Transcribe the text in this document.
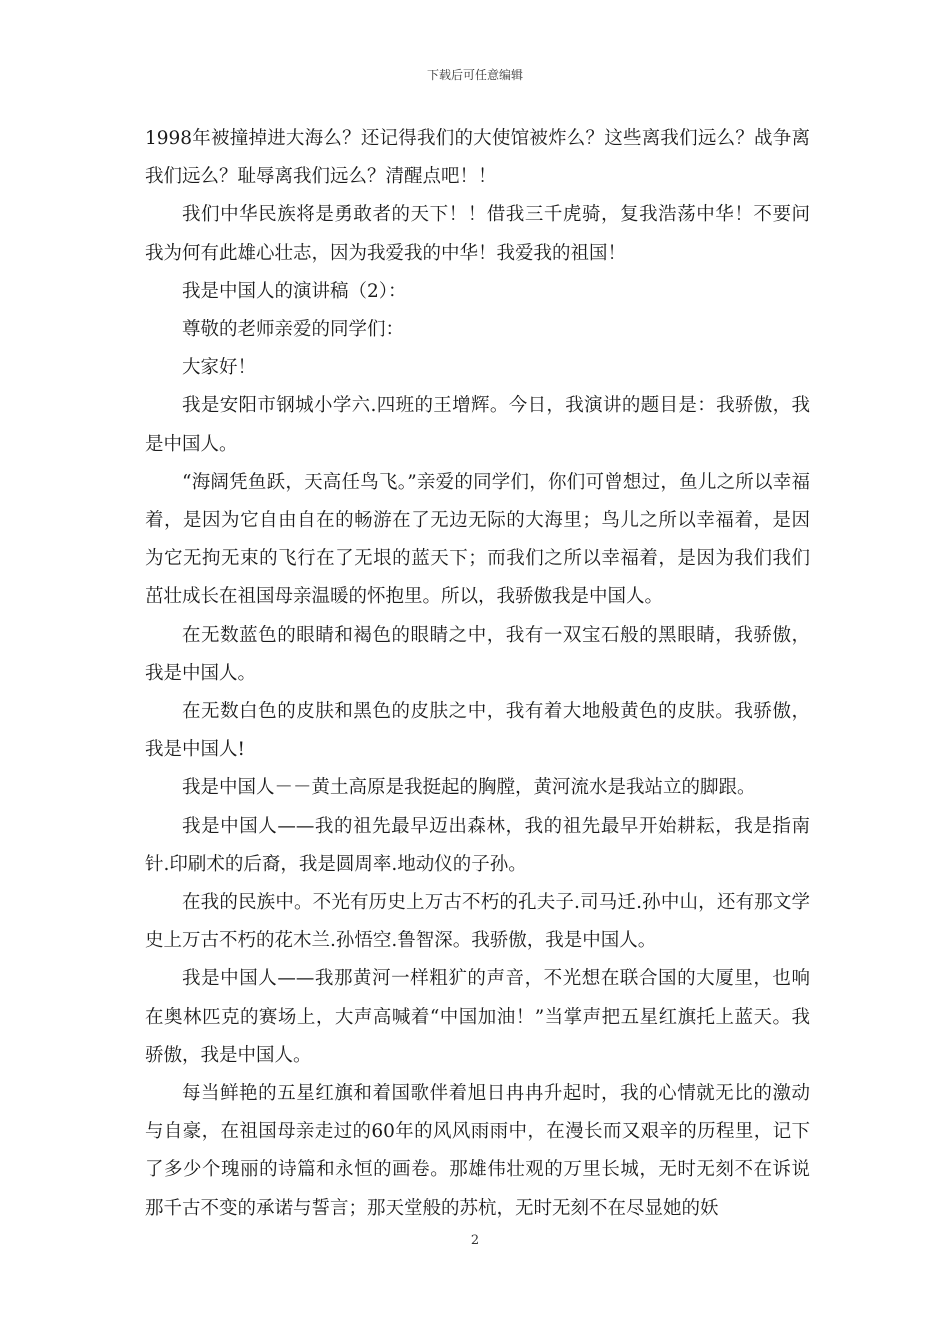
下载后可任意编辑

1998年被撞掉进大海么？还记得我们的大使馆被炸么？这些离我们远么？战争离我们远么？耻辱离我们远么？清醒点吧！！

我们中华民族将是勇敢者的天下！！借我三千虎骑，复我浩荡中华！不要问我为何有此雄心壮志，因为我爱我的中华！我爱我的祖国！

我是中国人的演讲稿（2）：

尊敬的老师亲爱的同学们：

大家好！

我是安阳市钢城小学六.四班的王增辉。今日，我演讲的题目是：我骄傲，我是中国人。

“海阔凭鱼跃，天高任鸟飞。”亲爱的同学们，你们可曾想过，鱼儿之所以幸福着，是因为它自由自在的畅游在了无边无际的大海里；鸟儿之所以幸福着，是因为它无拘无束的飞行在了无垠的蓝天下；而我们之所以幸福着，是因为我们我们茁壮成长在祖国母亲温暖的怀抱里。所以，我骄傲我是中国人。

在无数蓝色的眼睛和褐色的眼睛之中，我有一双宝石般的黑眼睛，我骄傲，我是中国人。

在无数白色的皮肤和黑色的皮肤之中，我有着大地般黄色的皮肤。我骄傲，我是中国人!

我是中国人－－黄土高原是我挺起的胸膛，黄河流水是我站立的脚跟。

我是中国人——我的祖先最早迈出森林，我的祖先最早开始耕耘，我是指南针.印刷术的后裔，我是圆周率.地动仪的子孙。

在我的民族中。不光有历史上万古不朽的孔夫子.司马迁.孙中山，还有那文学史上万古不朽的花木兰.孙悟空.鲁智深。我骄傲，我是中国人。

我是中国人——我那黄河一样粗犷的声音，不光想在联合国的大厦里，也响在奥林匹克的赛场上，大声高喊着“中国加油！”当掌声把五星红旗托上蓝天。我骄傲，我是中国人。

每当鲜艳的五星红旗和着国歌伴着旭日冉冉升起时，我的心情就无比的激动与自豪，在祖国母亲走过的60年的风风雨雨中，在漫长而又艰辛的历程里，记下了多少个瑰丽的诗篇和永恒的画卷。那雄伟壮观的万里长城，无时无刻不在诉说那千古不变的承诺与誓言；那天堂般的苏杭，无时无刻不在尽显她的妖

2
